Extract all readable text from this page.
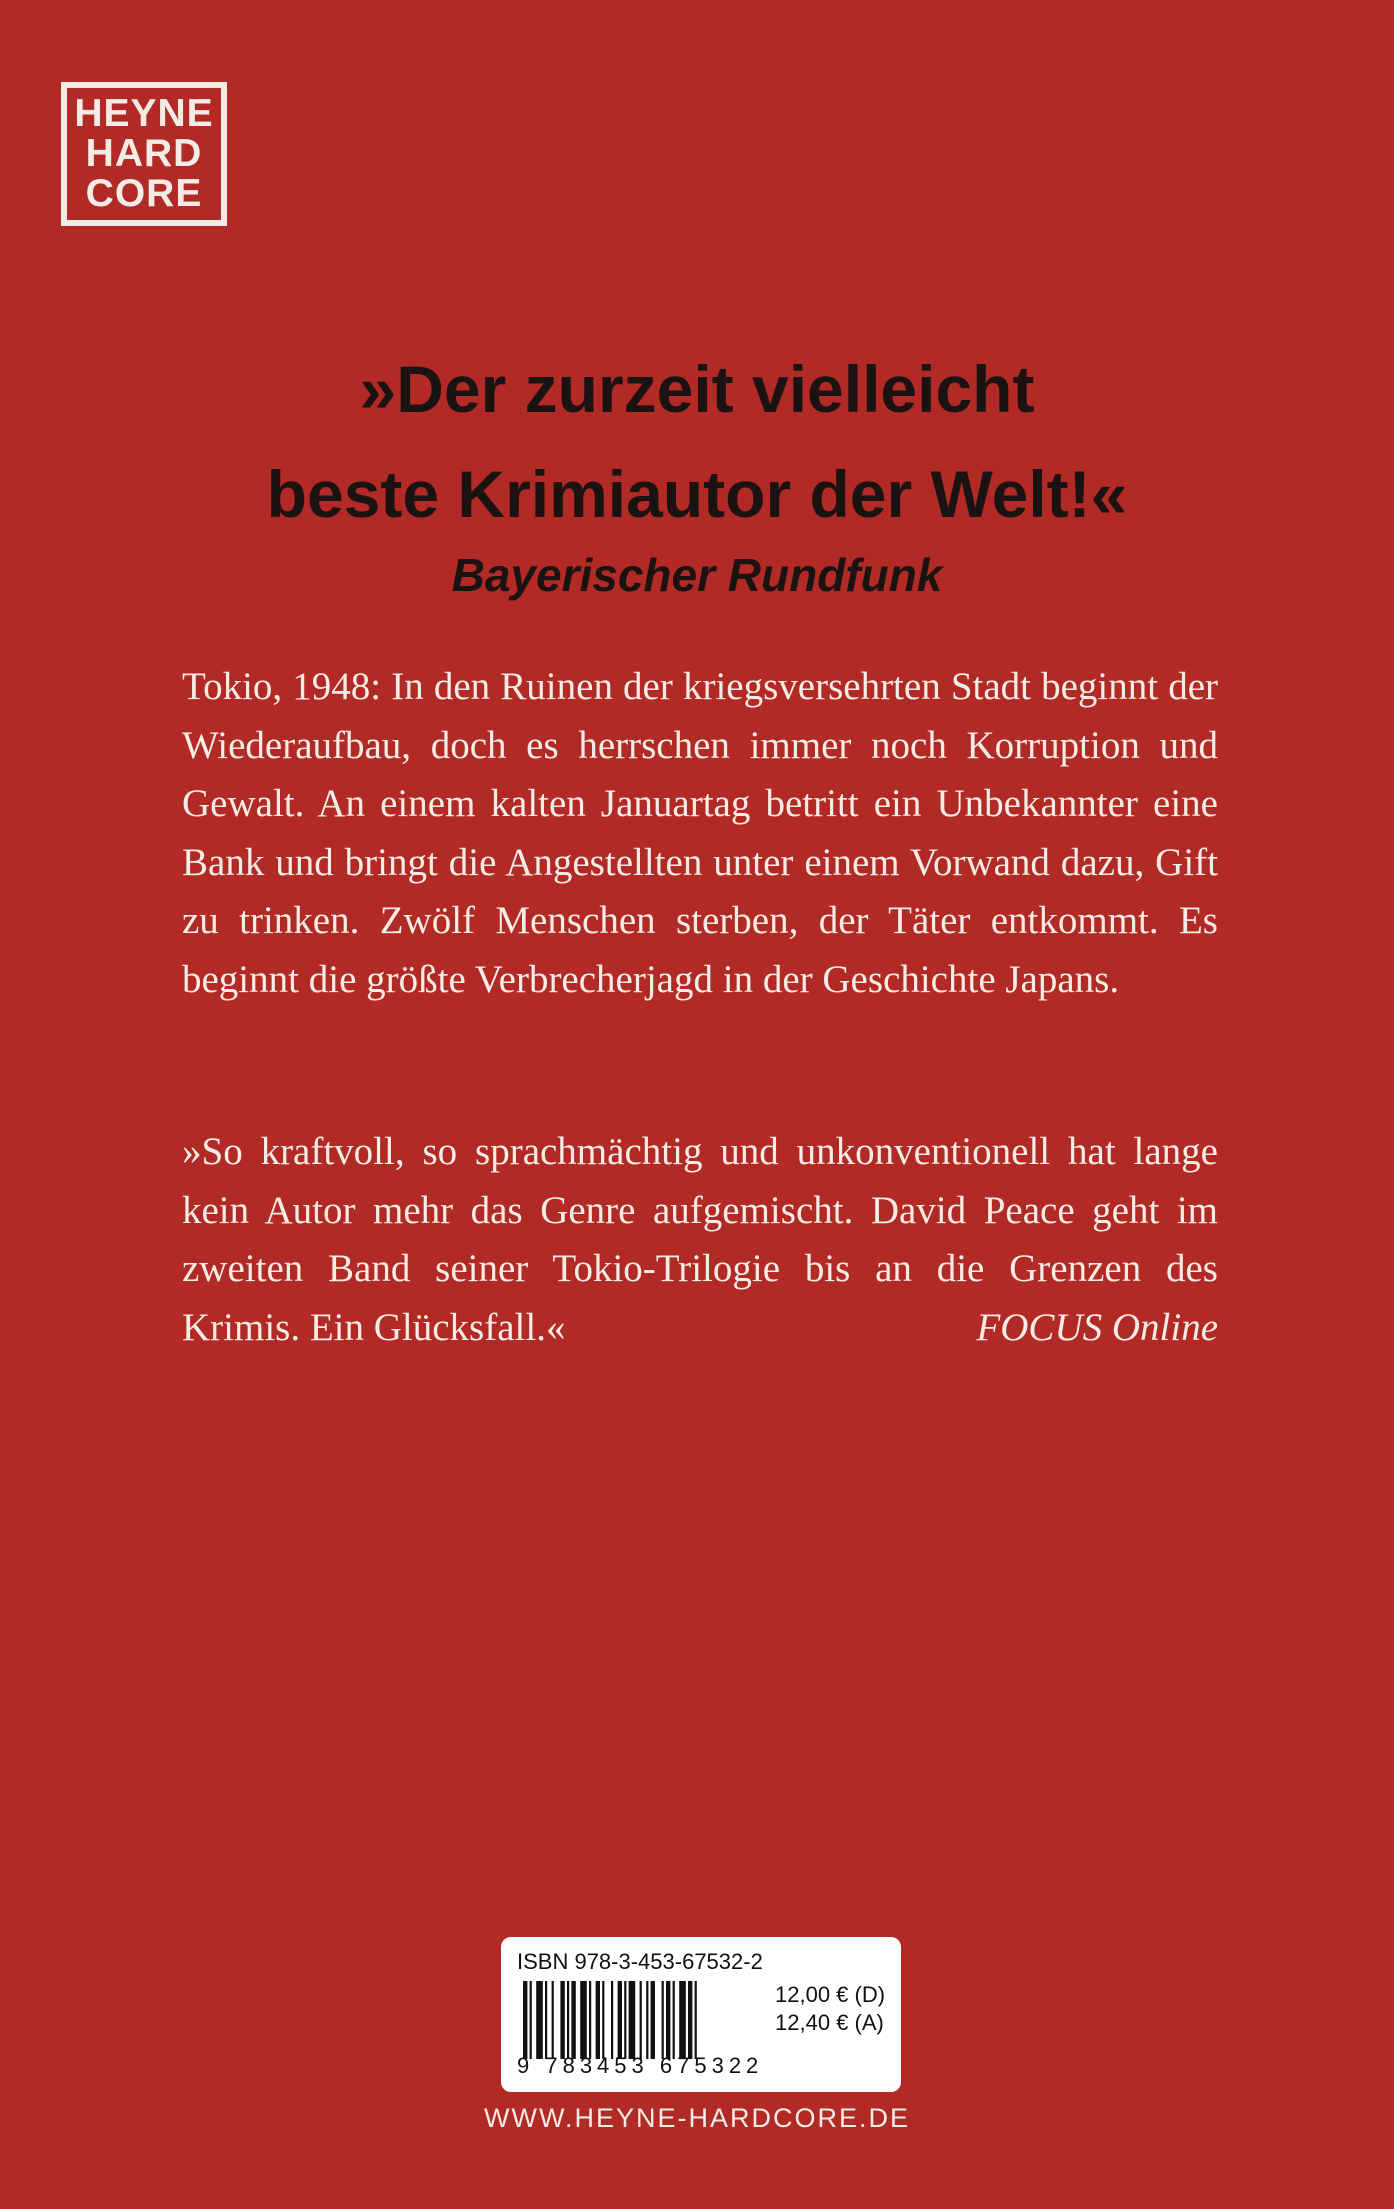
HEYNE
HARD
CORE
»Der zurzeit vielleicht
beste Krimiautor der Welt!«
Bayerischer Rundfunk

Tokio, 1948: In den Ruinen der kriegsversehrten Stadt beginnt der Wiederaufbau, doch es herrschen immer noch Korruption und Gewalt. An einem kalten Januartag betritt ein Unbekannter eine Bank und bringt die Angestellten unter einem Vorwand dazu, Gift zu trinken. Zwölf Menschen sterben, der Täter entkommt. Es beginnt die größte Verbrecherjagd in der Geschichte Japans.

»So kraftvoll, so sprachmächtig und unkonventionell hat lange kein Autor mehr das Genre aufgemischt. David Peace geht im zweiten Band seiner Tokio-Trilogie bis an die Grenzen des Krimis. Ein Glücksfall.«	FOCUS Online

ISBN 978-3-453-67532-2
9 783453 675322
12,00 € (D)
12,40 € (A)
WWW.HEYNE-HARDCORE.DE
